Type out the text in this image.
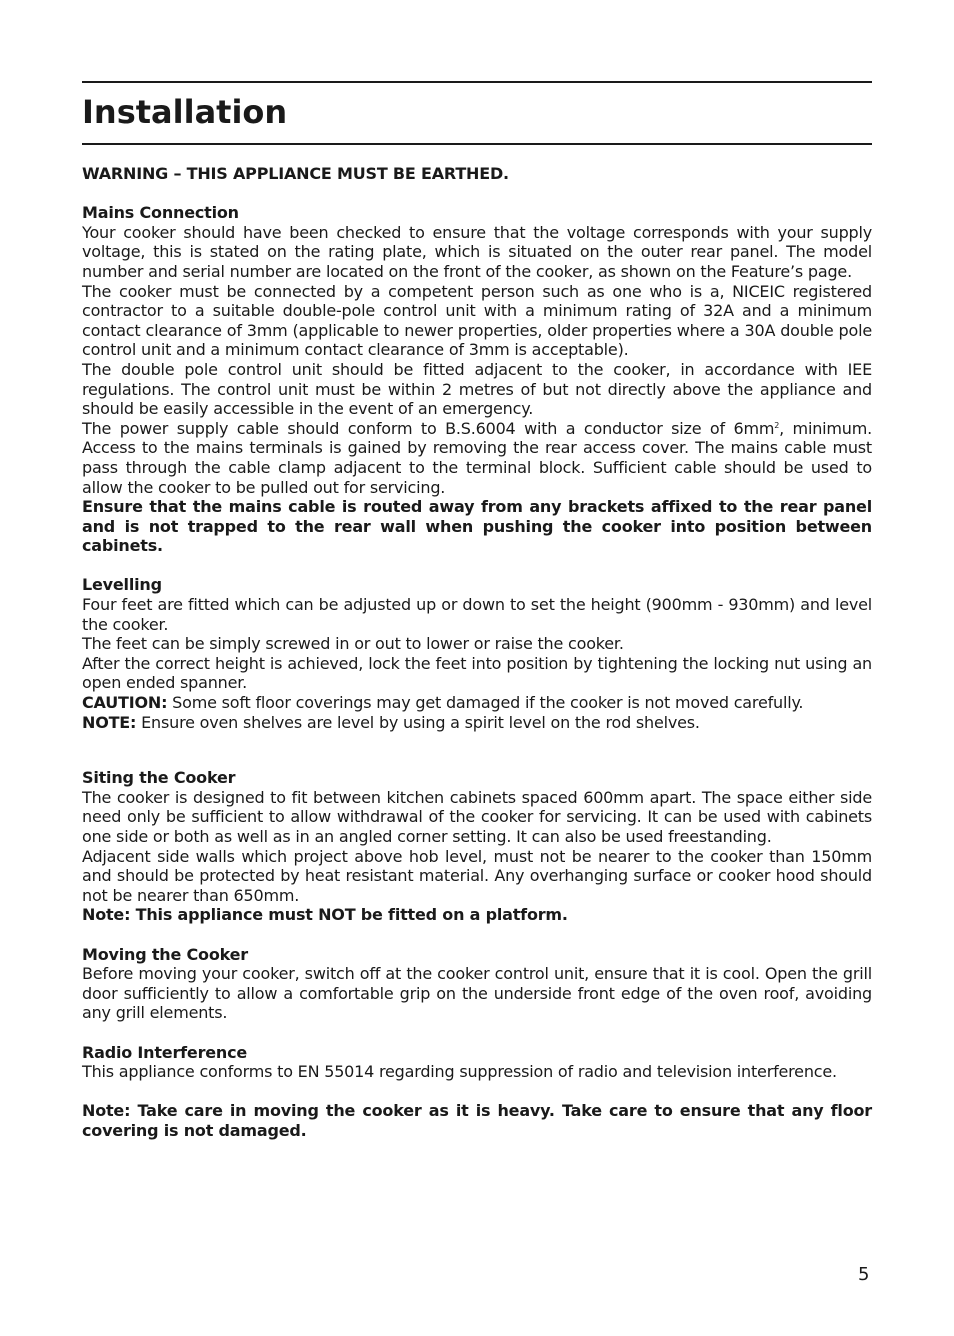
Installation

WARNING – THIS APPLIANCE MUST BE EARTHED.

Mains Connection

Your cooker should have been checked to ensure that the voltage corresponds with your supply voltage, this is stated on the rating plate, which is situated on the outer rear panel. The model number and serial number are located on the front of the cooker, as shown on the Feature’s page.

The cooker must be connected by a competent person such as one who is a, NICEIC registered contractor to a suitable double-pole control unit with a minimum rating of 32A and a minimum contact clearance of 3mm (applicable to newer properties, older properties where a 30A double pole control unit and a minimum contact clearance of 3mm is acceptable).

The double pole control unit should be fitted adjacent to the cooker, in accordance with IEE regulations. The control unit must be within 2 metres of but not directly above the appliance and should be easily accessible in the event of an emergency.

The power supply cable should conform to B.S.6004 with a conductor size of $6mm^2$, minimum. Access to the mains terminals is gained by removing the rear access cover. The mains cable must pass through the cable clamp adjacent to the terminal block. Sufficient cable should be used to allow the cooker to be pulled out for servicing.

Ensure that the mains cable is routed away from any brackets affixed to the rear panel and is not trapped to the rear wall when pushing the cooker into position between cabinets.

Levelling

Four feet are fitted which can be adjusted up or down to set the height (900mm - 930mm) and level the cooker.

The feet can be simply screwed in or out to lower or raise the cooker.

After the correct height is achieved, lock the feet into position by tightening the locking nut using an open ended spanner.

CAUTION: Some soft floor coverings may get damaged if the cooker is not moved carefully.

NOTE: Ensure oven shelves are level by using a spirit level on the rod shelves.

Siting the Cooker

The cooker is designed to fit between kitchen cabinets spaced 600mm apart. The space either side need only be sufficient to allow withdrawal of the cooker for servicing. It can be used with cabinets one side or both as well as in an angled corner setting. It can also be used freestanding.

Adjacent side walls which project above hob level, must not be nearer to the cooker than 150mm and should be protected by heat resistant material. Any overhanging surface or cooker hood should not be nearer than 650mm.

Note: This appliance must NOT be fitted on a platform.

Moving the Cooker

Before moving your cooker, switch off at the cooker control unit, ensure that it is cool. Open the grill door sufficiently to allow a comfortable grip on the underside front edge of the oven roof, avoiding any grill elements.

Radio Interference

This appliance conforms to EN 55014 regarding suppression of radio and television interference.

Note: Take care in moving the cooker as it is heavy. Take care to ensure that any floor covering is not damaged.

5
